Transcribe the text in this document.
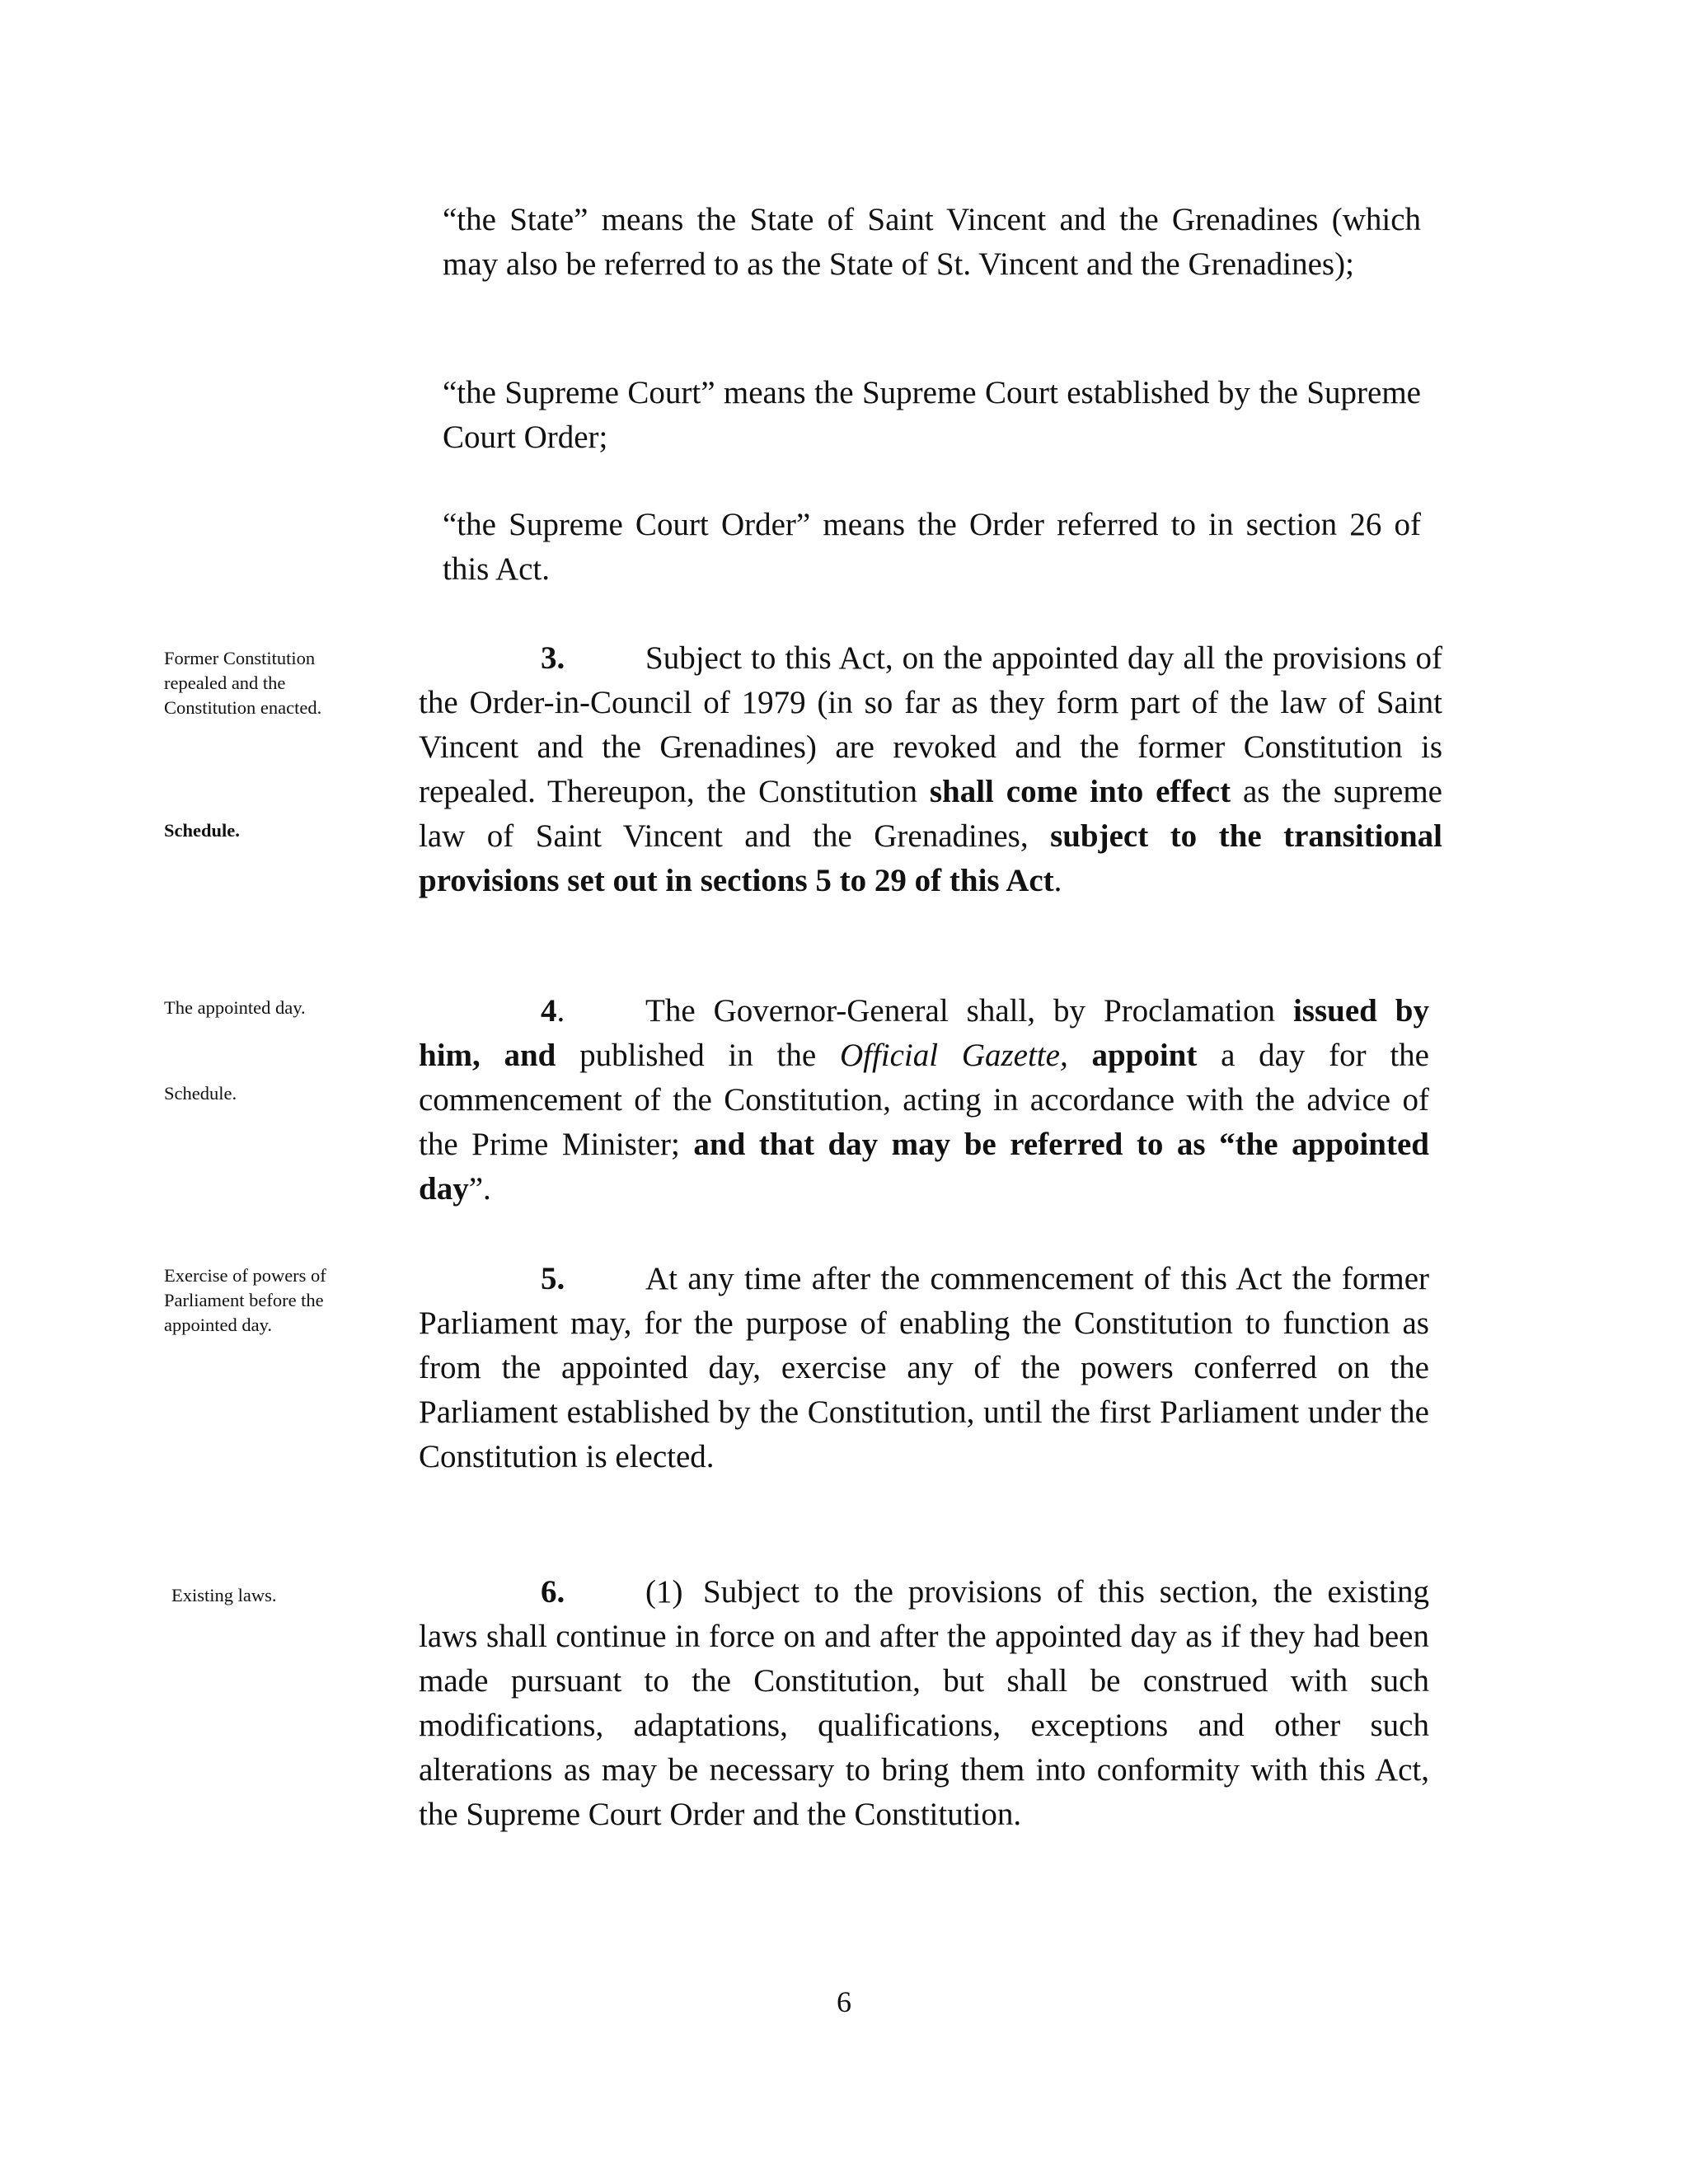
“the State” means the State of Saint Vincent and the Grenadines (which may also be referred to as the State of St. Vincent and the Grenadines);

“the Supreme Court” means the Supreme Court established by the Supreme Court Order;

“the Supreme Court Order” means the Order referred to in section 26 of this Act.

Former Constitution repealed and the Constitution enacted.
Schedule.

3.	Subject to this Act, on the appointed day all the provisions of the Order-in-Council of 1979 (in so far as they form part of the law of Saint Vincent and the Grenadines) are revoked and the former Constitution is repealed. Thereupon, the Constitution shall come into effect as the supreme law of Saint Vincent and the Grenadines, subject to the transitional provisions set out in sections 5 to 29 of this Act.

The appointed day.
Schedule.

4.	The Governor-General shall, by Proclamation issued by him, and published in the Official Gazette, appoint a day for the commencement of the Constitution, acting in accordance with the advice of the Prime Minister; and that day may be referred to as “the appointed day”.

Exercise of powers of Parliament before the appointed day.

5.	At any time after the commencement of this Act the former Parliament may, for the purpose of enabling the Constitution to function as from the appointed day, exercise any of the powers conferred on the Parliament established by the Constitution, until the first Parliament under the Constitution is elected.

Existing laws.	6.	(1) Subject to the provisions of this section, the existing laws shall continue in force on and after the appointed day as if they had been made pursuant to the Constitution, but shall be construed with such modifications, adaptations, qualifications, exceptions and other such alterations as may be necessary to bring them into conformity with this Act, the Supreme Court Order and the Constitution.

6
